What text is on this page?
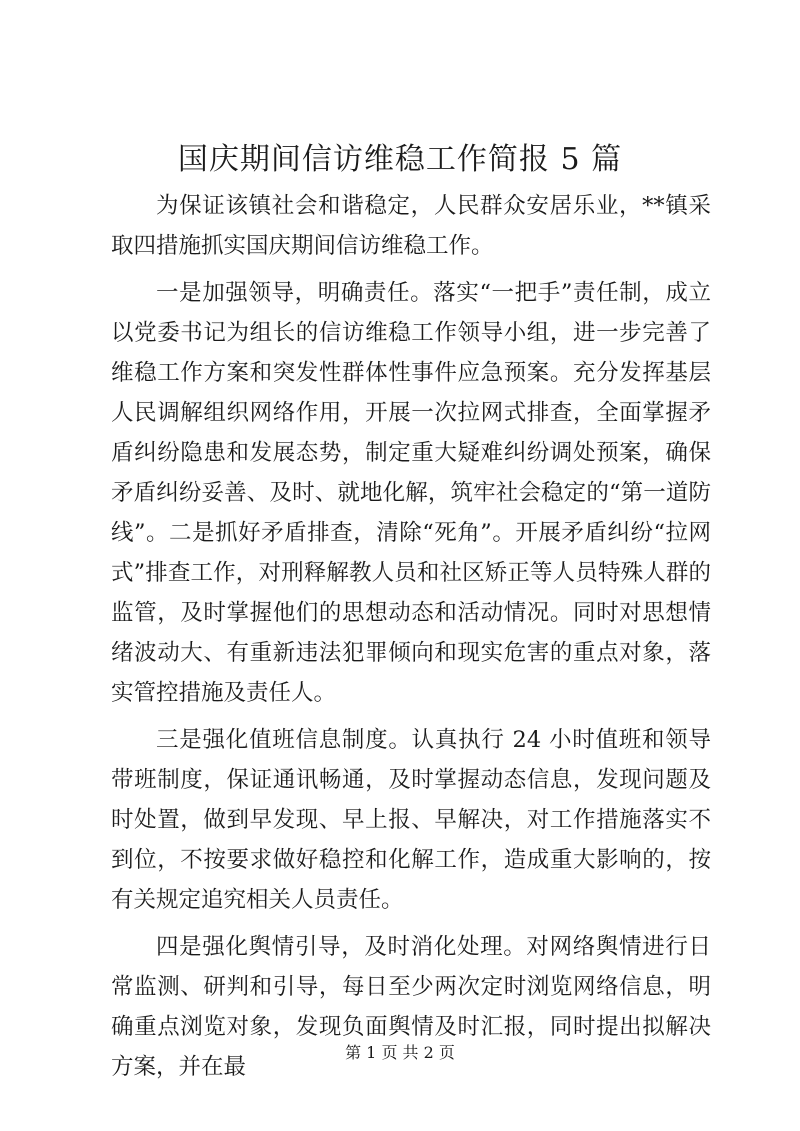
国庆期间信访维稳工作简报 5 篇

为保证该镇社会和谐稳定，人民群众安居乐业，**镇采取四措施抓实国庆期间信访维稳工作。

一是加强领导，明确责任。落实“一把手”责任制，成立以党委书记为组长的信访维稳工作领导小组，进一步完善了维稳工作方案和突发性群体性事件应急预案。充分发挥基层人民调解组织网络作用，开展一次拉网式排查，全面掌握矛盾纠纷隐患和发展态势，制定重大疑难纠纷调处预案，确保矛盾纠纷妥善、及时、就地化解，筑牢社会稳定的“第一道防线”。二是抓好矛盾排查，清除“死角”。开展矛盾纠纷“拉网式”排查工作，对刑释解教人员和社区矫正等人员特殊人群的监管，及时掌握他们的思想动态和活动情况。同时对思想情绪波动大、有重新违法犯罪倾向和现实危害的重点对象，落实管控措施及责任人。

三是强化值班信息制度。认真执行 24 小时值班和领导带班制度，保证通讯畅通，及时掌握动态信息，发现问题及时处置，做到早发现、早上报、早解决，对工作措施落实不到位，不按要求做好稳控和化解工作，造成重大影响的，按有关规定追究相关人员责任。

四是强化舆情引导，及时消化处理。对网络舆情进行日常监测、研判和引导，每日至少两次定时浏览网络信息，明确重点浏览对象，发现负面舆情及时汇报，同时提出拟解决方案，并在最

第 1 页 共 2 页
